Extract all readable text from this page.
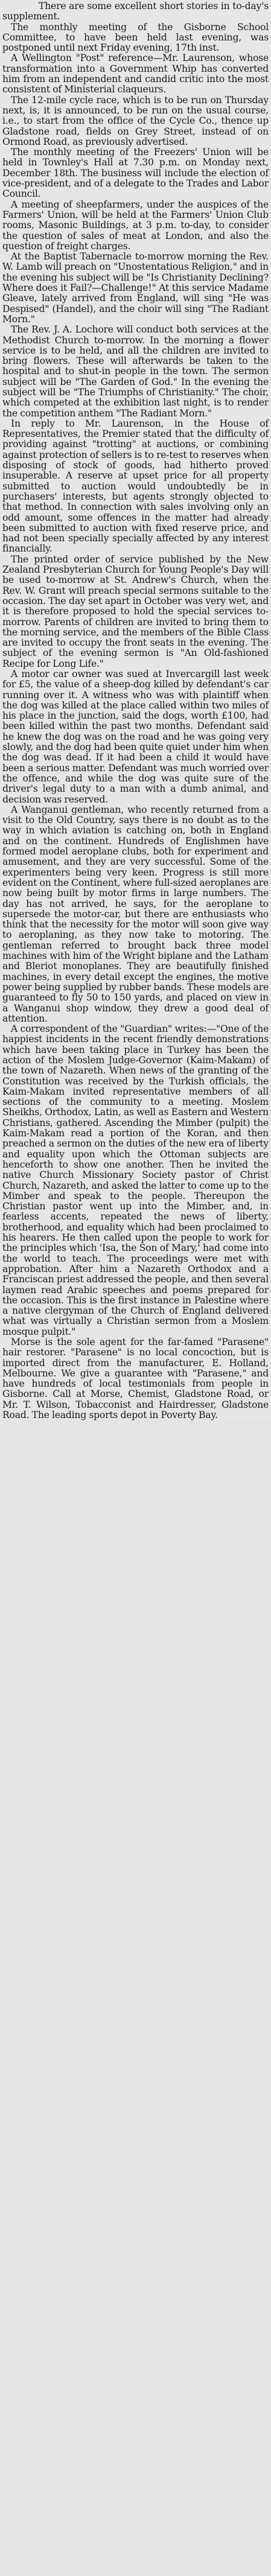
There are some excellent short stories in to-day's supplement.

The monthly meeting of the Gisborne School Committee, to have been held last evening, was postponed until next Friday evening, 17th inst.

A Wellington "Post" reference—Mr. Laurenson, whose transformation into a Government Whip has converted him from an independent and candid critic into the most consistent of Ministerial claqueurs.

The 12-mile cycle race, which is to be run on Thursday next, is, it is announced, to be run on the usual course, i.e., to start from the office of the Cycle Co., thence up Gladstone road, fields on Grey Street, instead of on Ormond Road, as previously advertised.

The monthly meeting of the Freezers' Union will be held in Townley's Hall at 7.30 p.m. on Monday next, December 18th. The business will include the election of vice-president, and of a delegate to the Trades and Labor Council.

A meeting of sheepfarmers, under the auspices of the Farmers' Union, will be held at the Farmers' Union Club rooms, Masonic Buildings, at 3 p.m. to-day, to consider the question of sales of meat at London, and also the question of freight charges.

At the Baptist Tabernacle to-morrow morning the Rev. W. Lamb will preach on "Unostentatious Religion," and in the evening his subject will be "Is Christianity Declining? Where does it Fail?—Challenge!" At this service Madame Gleave, lately arrived from England, will sing "He was Despised" (Handel), and the choir will sing "The Radiant Morn."

The Rev. J. A. Lochore will conduct both services at the Methodist Church to-morrow. In the morning a flower service is to be held, and all the children are invited to bring flowers. These will afterwards be taken to the hospital and to shut-in people in the town. The sermon subject will be "The Garden of God." In the evening the subject will be "The Triumphs of Christianity." The choir, which competed at the exhibition last night, is to render the competition anthem "The Radiant Morn."

In reply to Mr. Laurenson, in the House of Representatives, the Premier stated that the difficulty of providing against "trotting" at auctions, or combining against protection of sellers is to re-test to reserves when disposing of stock of goods, had hitherto proved insuperable. A reserve at upset price for all property submitted to auction would undoubtedly be in purchasers' interests, but agents strongly objected to that method. In connection with sales involving only an odd amount, some offences in the matter had already been submitted to auction with fixed reserve price, and had not been specially specially affected by any interest financially.

The printed order of service published by the New Zealand Presbyterian Church for Young People's Day will be used to-morrow at St. Andrew's Church, when the Rev. W. Grant will preach special sermons suitable to the occasion. The day set apart in October was very wet, and it is therefore proposed to hold the special services to-morrow. Parents of children are invited to bring them to the morning service, and the members of the Bible Class are invited to occupy the front seats in the evening. The subject of the evening sermon is "An Old-fashioned Recipe for Long Life."

A motor car owner was sued at Invercargill last week for £5, the value of a sheep-dog killed by defendant's car running over it. A witness who was with plaintiff when the dog was killed at the place called within two miles of his place in the junction, said the dogs, worth £100, had been killed within the past two months. Defendant said he knew the dog was on the road and he was going very slowly, and the dog had been quite quiet under him when the dog was dead. If it had been a child it would have been a serious matter. Defendant was much worried over the offence, and while the dog was quite sure of the driver's legal duty to a man with a dumb animal, and decision was reserved.

A Wanganui gentleman, who recently returned from a visit to the Old Country, says there is no doubt as to the way in which aviation is catching on, both in England and on the continent. Hundreds of Englishmen have formed model aeroplane clubs, both for experiment and amusement, and they are very successful. Some of the experimenters being very keen. Progress is still more evident on the Continent, where full-sized aeroplanes are now being built by motor firms in large numbers. The day has not arrived, he says, for the aeroplane to supersede the motor-car, but there are enthusiasts who think that the necessity for the motor will soon give way to aeroplaning, as they now take to motoring. The gentleman referred to brought back three model machines with him of the Wright biplane and the Latham and Bleriot monoplanes. They are beautifully finished machines, in every detail except the engines, the motive power being supplied by rubber bands. These models are guaranteed to fly 50 to 150 yards, and placed on view in a Wanganui shop window, they drew a good deal of attention.

A correspondent of the "Guardian" writes:—"One of the happiest incidents in the recent friendly demonstrations which have been taking place in Turkey has been the action of the Moslem Judge-Governor (Kaim-Makam) of the town of Nazareth. When news of the granting of the Constitution was received by the Turkish officials, the Kaim-Makam invited representative members of all sections of the community to a meeting. Moslem Sheikhs, Orthodox, Latin, as well as Eastern and Western Christians, gathered. Ascending the Mimber (pulpit) the Kaim-Makam read a portion of the Koran, and then preached a sermon on the duties of the new era of liberty and equality upon which the Ottoman subjects are henceforth to show one another. Then he invited the native Church Missionary Society pastor of Christ Church, Nazareth, and asked the latter to come up to the Mimber and speak to the people. Thereupon the Christian pastor went up into the Mimber, and, in fearless accents, repeated the news of liberty, brotherhood, and equality which had been proclaimed to his hearers. He then called upon the people to work for the principles which 'Isa, the Son of Mary,' had come into the world to teach. The proceedings were met with approbation. After him a Nazareth Orthodox and a Franciscan priest addressed the people, and then several laymen read Arabic speeches and poems prepared for the occasion. This is the first instance in Palestine where a native clergyman of the Church of England delivered what was virtually a Christian sermon from a Moslem mosque pulpit."

Morse is the sole agent for the far-famed "Parasene" hair restorer. "Parasene" is no local concoction, but is imported direct from the manufacturer, E. Holland, Melbourne. We give a guarantee with "Parasene," and have hundreds of local testimonials from people in Gisborne. Call at Morse, Chemist, Gladstone Road, or Mr. T. Wilson, Tobacconist and Hairdresser, Gladstone Road. The leading sports depot in Poverty Bay.
